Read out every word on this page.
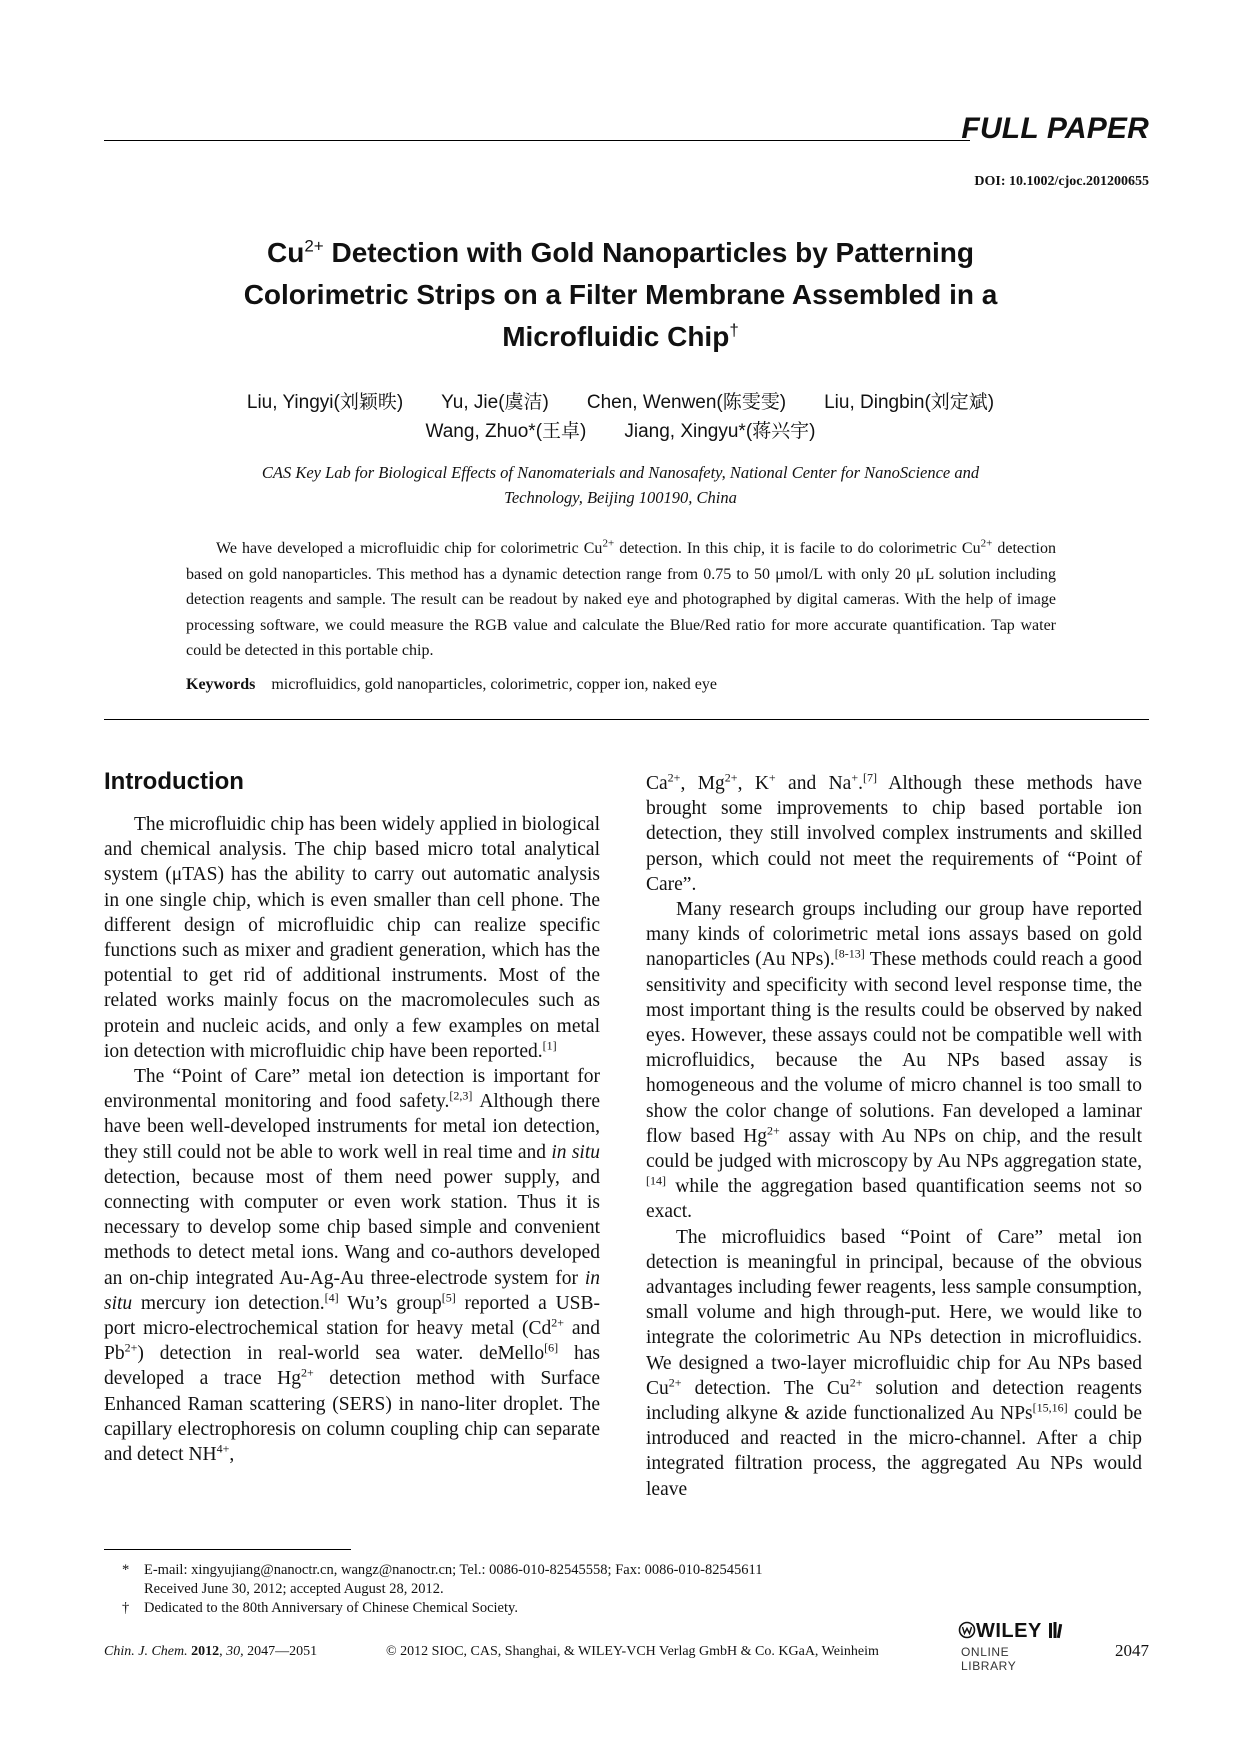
FULL PAPER
DOI: 10.1002/cjoc.201200655
$Cu^{2+}$ Detection with Gold Nanoparticles by Patterning
Colorimetric Strips on a Filter Membrane Assembled in a
Microfluidic Chip†
Liu, Yingyi(刘颖昳) Yu, Jie(虞洁) Chen, Wenwen(陈雯雯) Liu, Dingbin(刘定斌)
Wang, Zhuo*(王卓) Jiang, Xingyu*(蒋兴宇)
CAS Key Lab for Biological Effects of Nanomaterials and Nanosafety, National Center for NanoScience and
Technology, Beijing 100190, China
We have developed a microfluidic chip for colorimetric $Cu^{2+}$ detection. In this chip, it is facile to do colorimetric $Cu^{2+}$ detection based on gold nanoparticles. This method has a dynamic detection range from 0.75 to 50 μmol/L with only 20 μL solution including detection reagents and sample. The result can be readout by naked eye and photographed by digital cameras. With the help of image processing software, we could measure the RGB value and calculate the Blue/Red ratio for more accurate quantification. Tap water could be detected in this portable chip.
Keywords microfluidics, gold nanoparticles, colorimetric, copper ion, naked eye
Introduction

The microfluidic chip has been widely applied in biological and chemical analysis. The chip based micro total analytical system (μTAS) has the ability to carry out automatic analysis in one single chip, which is even smaller than cell phone. The different design of microfluidic chip can realize specific functions such as mixer and gradient generation, which has the potential to get rid of additional instruments. Most of the related works mainly focus on the macromolecules such as protein and nucleic acids, and only a few examples on metal ion detection with microfluidic chip have been reported.[1]

The “Point of Care” metal ion detection is important for environmental monitoring and food safety.[2,3] Although there have been well-developed instruments for metal ion detection, they still could not be able to work well in real time and in situ detection, because most of them need power supply, and connecting with computer or even work station. Thus it is necessary to develop some chip based simple and convenient methods to detect metal ions. Wang and co-authors developed an on-chip integrated Au-Ag-Au three-electrode system for in situ mercury ion detection.[4] Wu’s group[5] reported a USB-port micro-electrochemical station for heavy metal ($Cd^{2+}$ and $Pb^{2+}$) detection in real-world sea water. deMello[6] has developed a trace $Hg^{2+}$ detection method with Surface Enhanced Raman scattering (SERS) in nano-liter droplet. The capillary electrophoresis on column coupling chip can separate and detect $NH^{4+}$,

$Ca^{2+}$, $Mg^{2+}$, K+ and Na+.[7] Although these methods have brought some improvements to chip based portable ion detection, they still involved complex instruments and skilled person, which could not meet the requirements of “Point of Care”.

Many research groups including our group have reported many kinds of colorimetric metal ions assays based on gold nanoparticles (Au NPs).[8-13] These methods could reach a good sensitivity and specificity with second level response time, the most important thing is the results could be observed by naked eyes. However, these assays could not be compatible well with microfluidics, because the Au NPs based assay is homogeneous and the volume of micro channel is too small to show the color change of solutions. Fan developed a laminar flow based $Hg^{2+}$ assay with Au NPs on chip, and the result could be judged with microscopy by Au NPs aggregation state,[14] while the aggregation based quantification seems not so exact.

The microfluidics based “Point of Care” metal ion detection is meaningful in principal, because of the obvious advantages including fewer reagents, less sample consumption, small volume and high through-put. Here, we would like to integrate the colorimetric Au NPs detection in microfluidics. We designed a two-layer microfluidic chip for Au NPs based $Cu^{2+}$ detection. The $Cu^{2+}$ solution and detection reagents including alkyne & azide functionalized Au NPs[15,16] could be introduced and reacted in the micro-channel. After a chip integrated filtration process, the aggregated Au NPs would leave

* E-mail: xingyujiang@nanoctr.cn, wangz@nanoctr.cn; Tel.: 0086-010-82545558; Fax: 0086-010-82545611
Received June 30, 2012; accepted August 28, 2012.
† Dedicated to the 80th Anniversary of Chinese Chemical Society.
Chin. J. Chem. 2012, 30, 2047—2051	© 2012 SIOC, CAS, Shanghai, & WILEY-VCH Verlag GmbH & Co. KGaA, Weinheim
WILEY
ONLINE LIBRARY
2047
